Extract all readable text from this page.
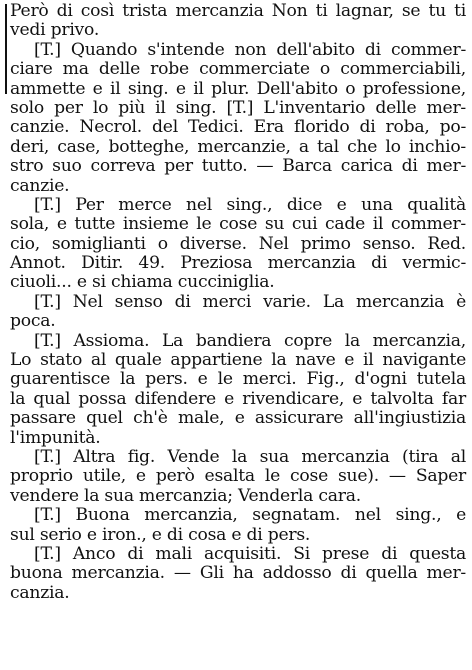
Però di così trista mercanzia Non ti lagnar, se tu ti
vedi privo.
[T.] Quando s'intende non dell'abito di commer-
ciare ma delle robe commerciate o commerciabili,
ammette e il sing. e il plur. Dell'abito o professione,
solo per lo più il sing. [T.] L'inventario delle mer-
canzie. Necrol. del Tedici. Era florido di roba, po-
deri, case, botteghe, mercanzie, a tal che lo inchio-
stro suo correva per tutto. — Barca carica di mer-
canzie.
[T.] Per merce nel sing., dice e una qualità
sola, e tutte insieme le cose su cui cade il commer-
cio, somiglianti o diverse. Nel primo senso. Red.
Annot. Ditir. 49. Preziosa mercanzia di vermic-
ciuoli... e si chiama cucciniglia.
[T.] Nel senso di merci varie. La mercanzia è
poca.
[T.] Assioma. La bandiera copre la mercanzia,
Lo stato al quale appartiene la nave e il navigante
guarentisce la pers. e le merci. Fig., d'ogni tutela
la qual possa difendere e rivendicare, e talvolta far
passare quel ch'è male, e assicurare all'ingiustizia
l'impunità.
[T.] Altra fig. Vende la sua mercanzia (tira al
proprio utile, e però esalta le cose sue). — Saper
vendere la sua mercanzia; Venderla cara.
[T.] Buona mercanzia, segnatam. nel sing., e
sul serio e iron., e di cosa e di pers.
[T.] Anco di mali acquisiti. Si prese di questa
buona mercanzia. — Gli ha addosso di quella mer-
canzia.
